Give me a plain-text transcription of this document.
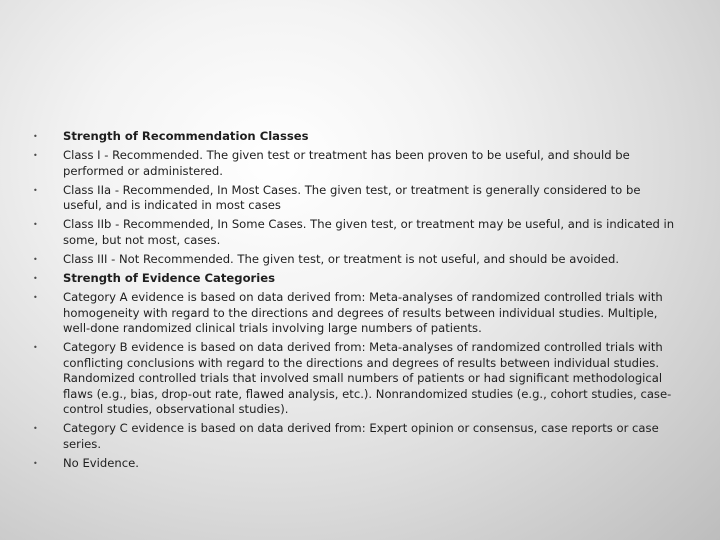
• Strength of Recommendation Classes
• Class I - Recommended. The given test or treatment has been proven to be useful, and should be performed or administered.
• Class IIa - Recommended, In Most Cases. The given test, or treatment is generally considered to be useful, and is indicated in most cases
• Class IIb - Recommended, In Some Cases. The given test, or treatment may be useful, and is indicated in some, but not most, cases.
• Class III - Not Recommended. The given test, or treatment is not useful, and should be avoided.
• Strength of Evidence Categories
• Category A evidence is based on data derived from: Meta-analyses of randomized controlled trials with homogeneity with regard to the directions and degrees of results between individual studies. Multiple, well-done randomized clinical trials involving large numbers of patients.
• Category B evidence is based on data derived from: Meta-analyses of randomized controlled trials with conflicting conclusions with regard to the directions and degrees of results between individual studies. Randomized controlled trials that involved small numbers of patients or had significant methodological flaws (e.g., bias, drop-out rate, flawed analysis, etc.). Nonrandomized studies (e.g., cohort studies, case-control studies, observational studies).
• Category C evidence is based on data derived from: Expert opinion or consensus, case reports or case series.
• No Evidence.
